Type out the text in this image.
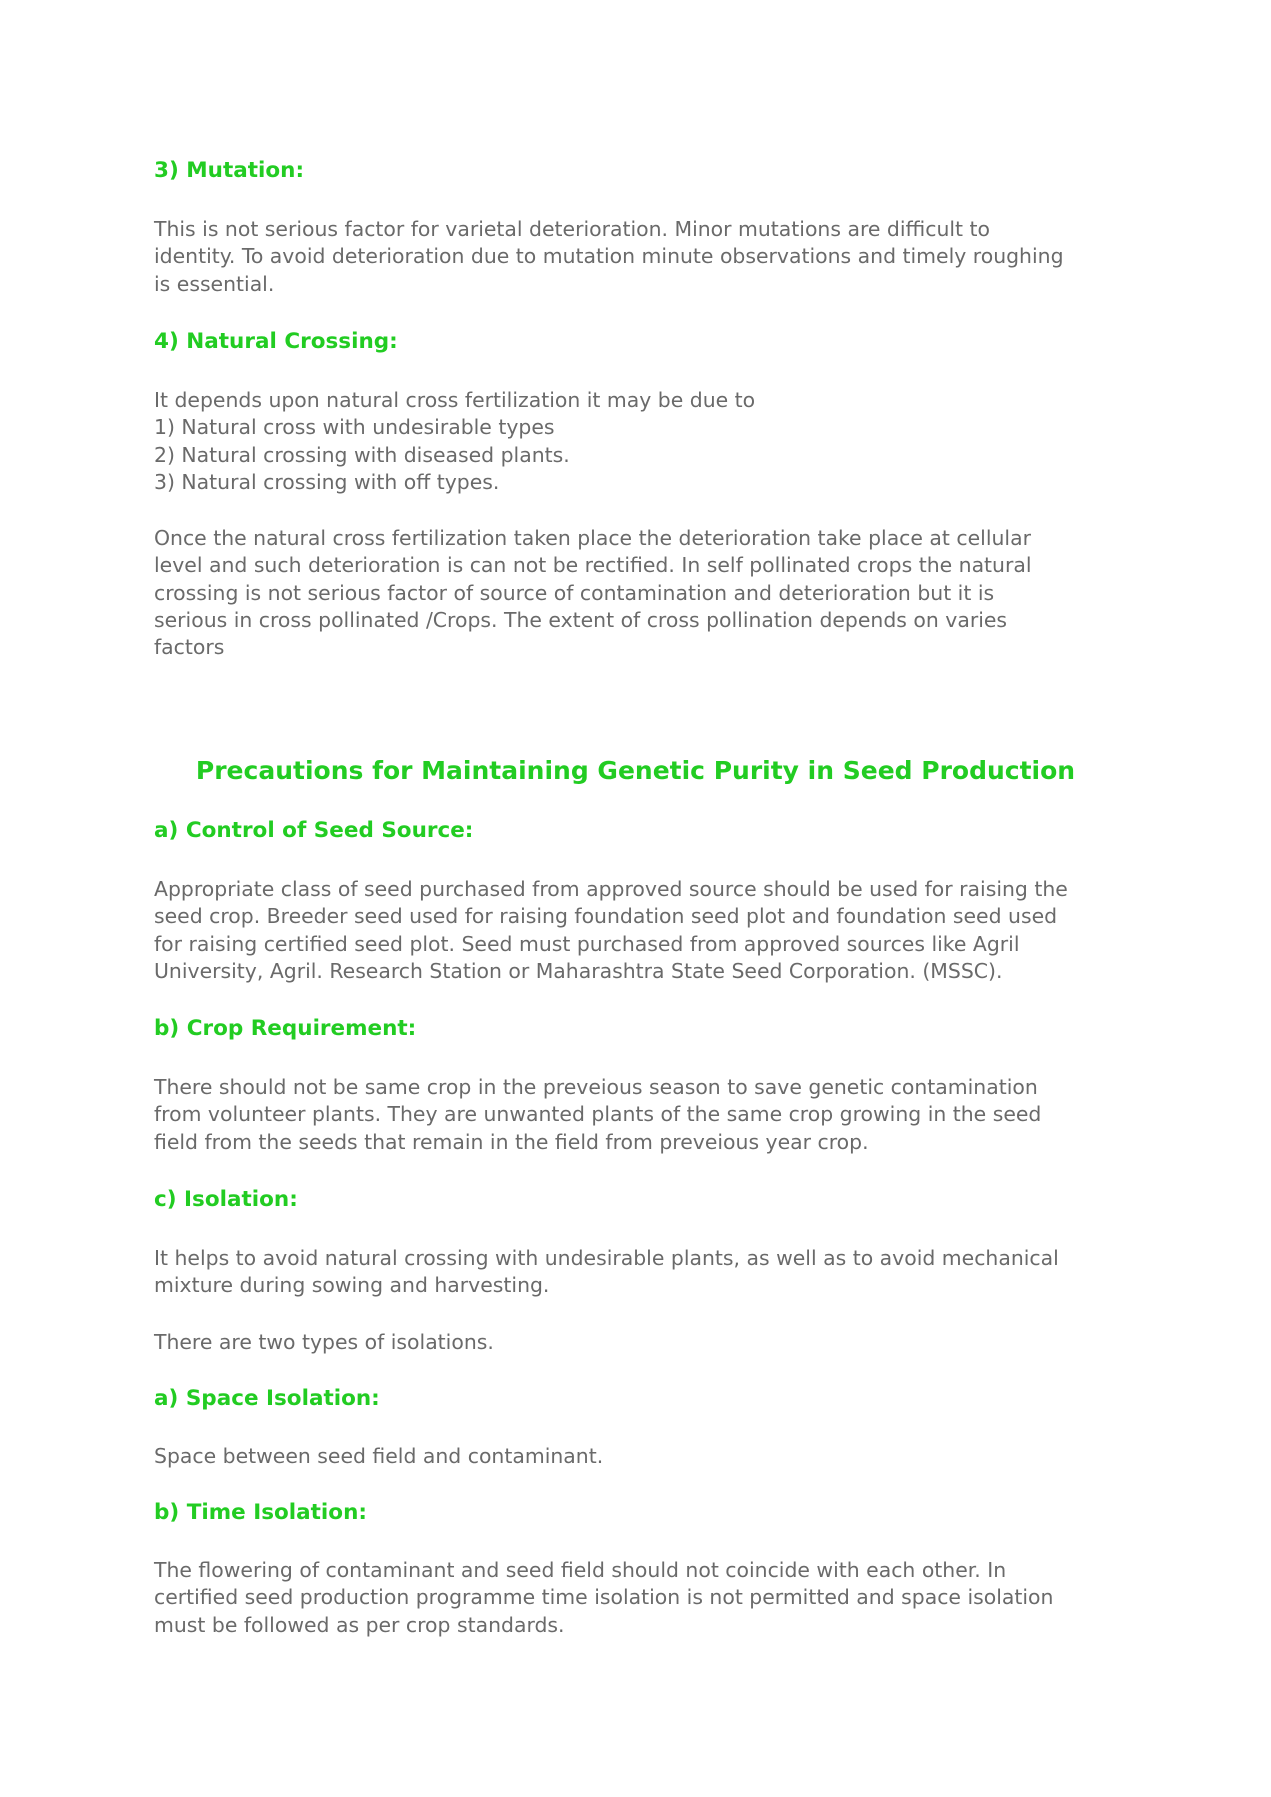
3) Mutation:
This is not serious factor for varietal deterioration. Minor mutations are difficult to
identity. To avoid deterioration due to mutation minute observations and timely roughing
is essential.
4) Natural Crossing:
It depends upon natural cross fertilization it may be due to
1) Natural cross with undesirable types
2) Natural crossing with diseased plants.
3) Natural crossing with off types.
Once the natural cross fertilization taken place the deterioration take place at cellular
level and such deterioration is can not be rectified. In self pollinated crops the natural
crossing is not serious factor of source of contamination and deterioration but it is
serious in cross pollinated /Crops. The extent of cross pollination depends on varies
factors
Precautions for Maintaining Genetic Purity in Seed Production
a) Control of Seed Source:
Appropriate class of seed purchased from approved source should be used for raising the
seed crop. Breeder seed used for raising foundation seed plot and foundation seed used
for raising certified seed plot. Seed must purchased from approved sources like Agril
University, Agril. Research Station or Maharashtra State Seed Corporation. (MSSC).
b) Crop Requirement:
There should not be same crop in the preveious season to save genetic contamination
from volunteer plants. They are unwanted plants of the same crop growing in the seed
field from the seeds that remain in the field from preveious year crop.
c) Isolation:
It helps to avoid natural crossing with undesirable plants, as well as to avoid mechanical
mixture during sowing and harvesting.
There are two types of isolations.
a) Space Isolation:
Space between seed field and contaminant.
b) Time Isolation:
The flowering of contaminant and seed field should not coincide with each other. In
certified seed production programme time isolation is not permitted and space isolation
must be followed as per crop standards.
